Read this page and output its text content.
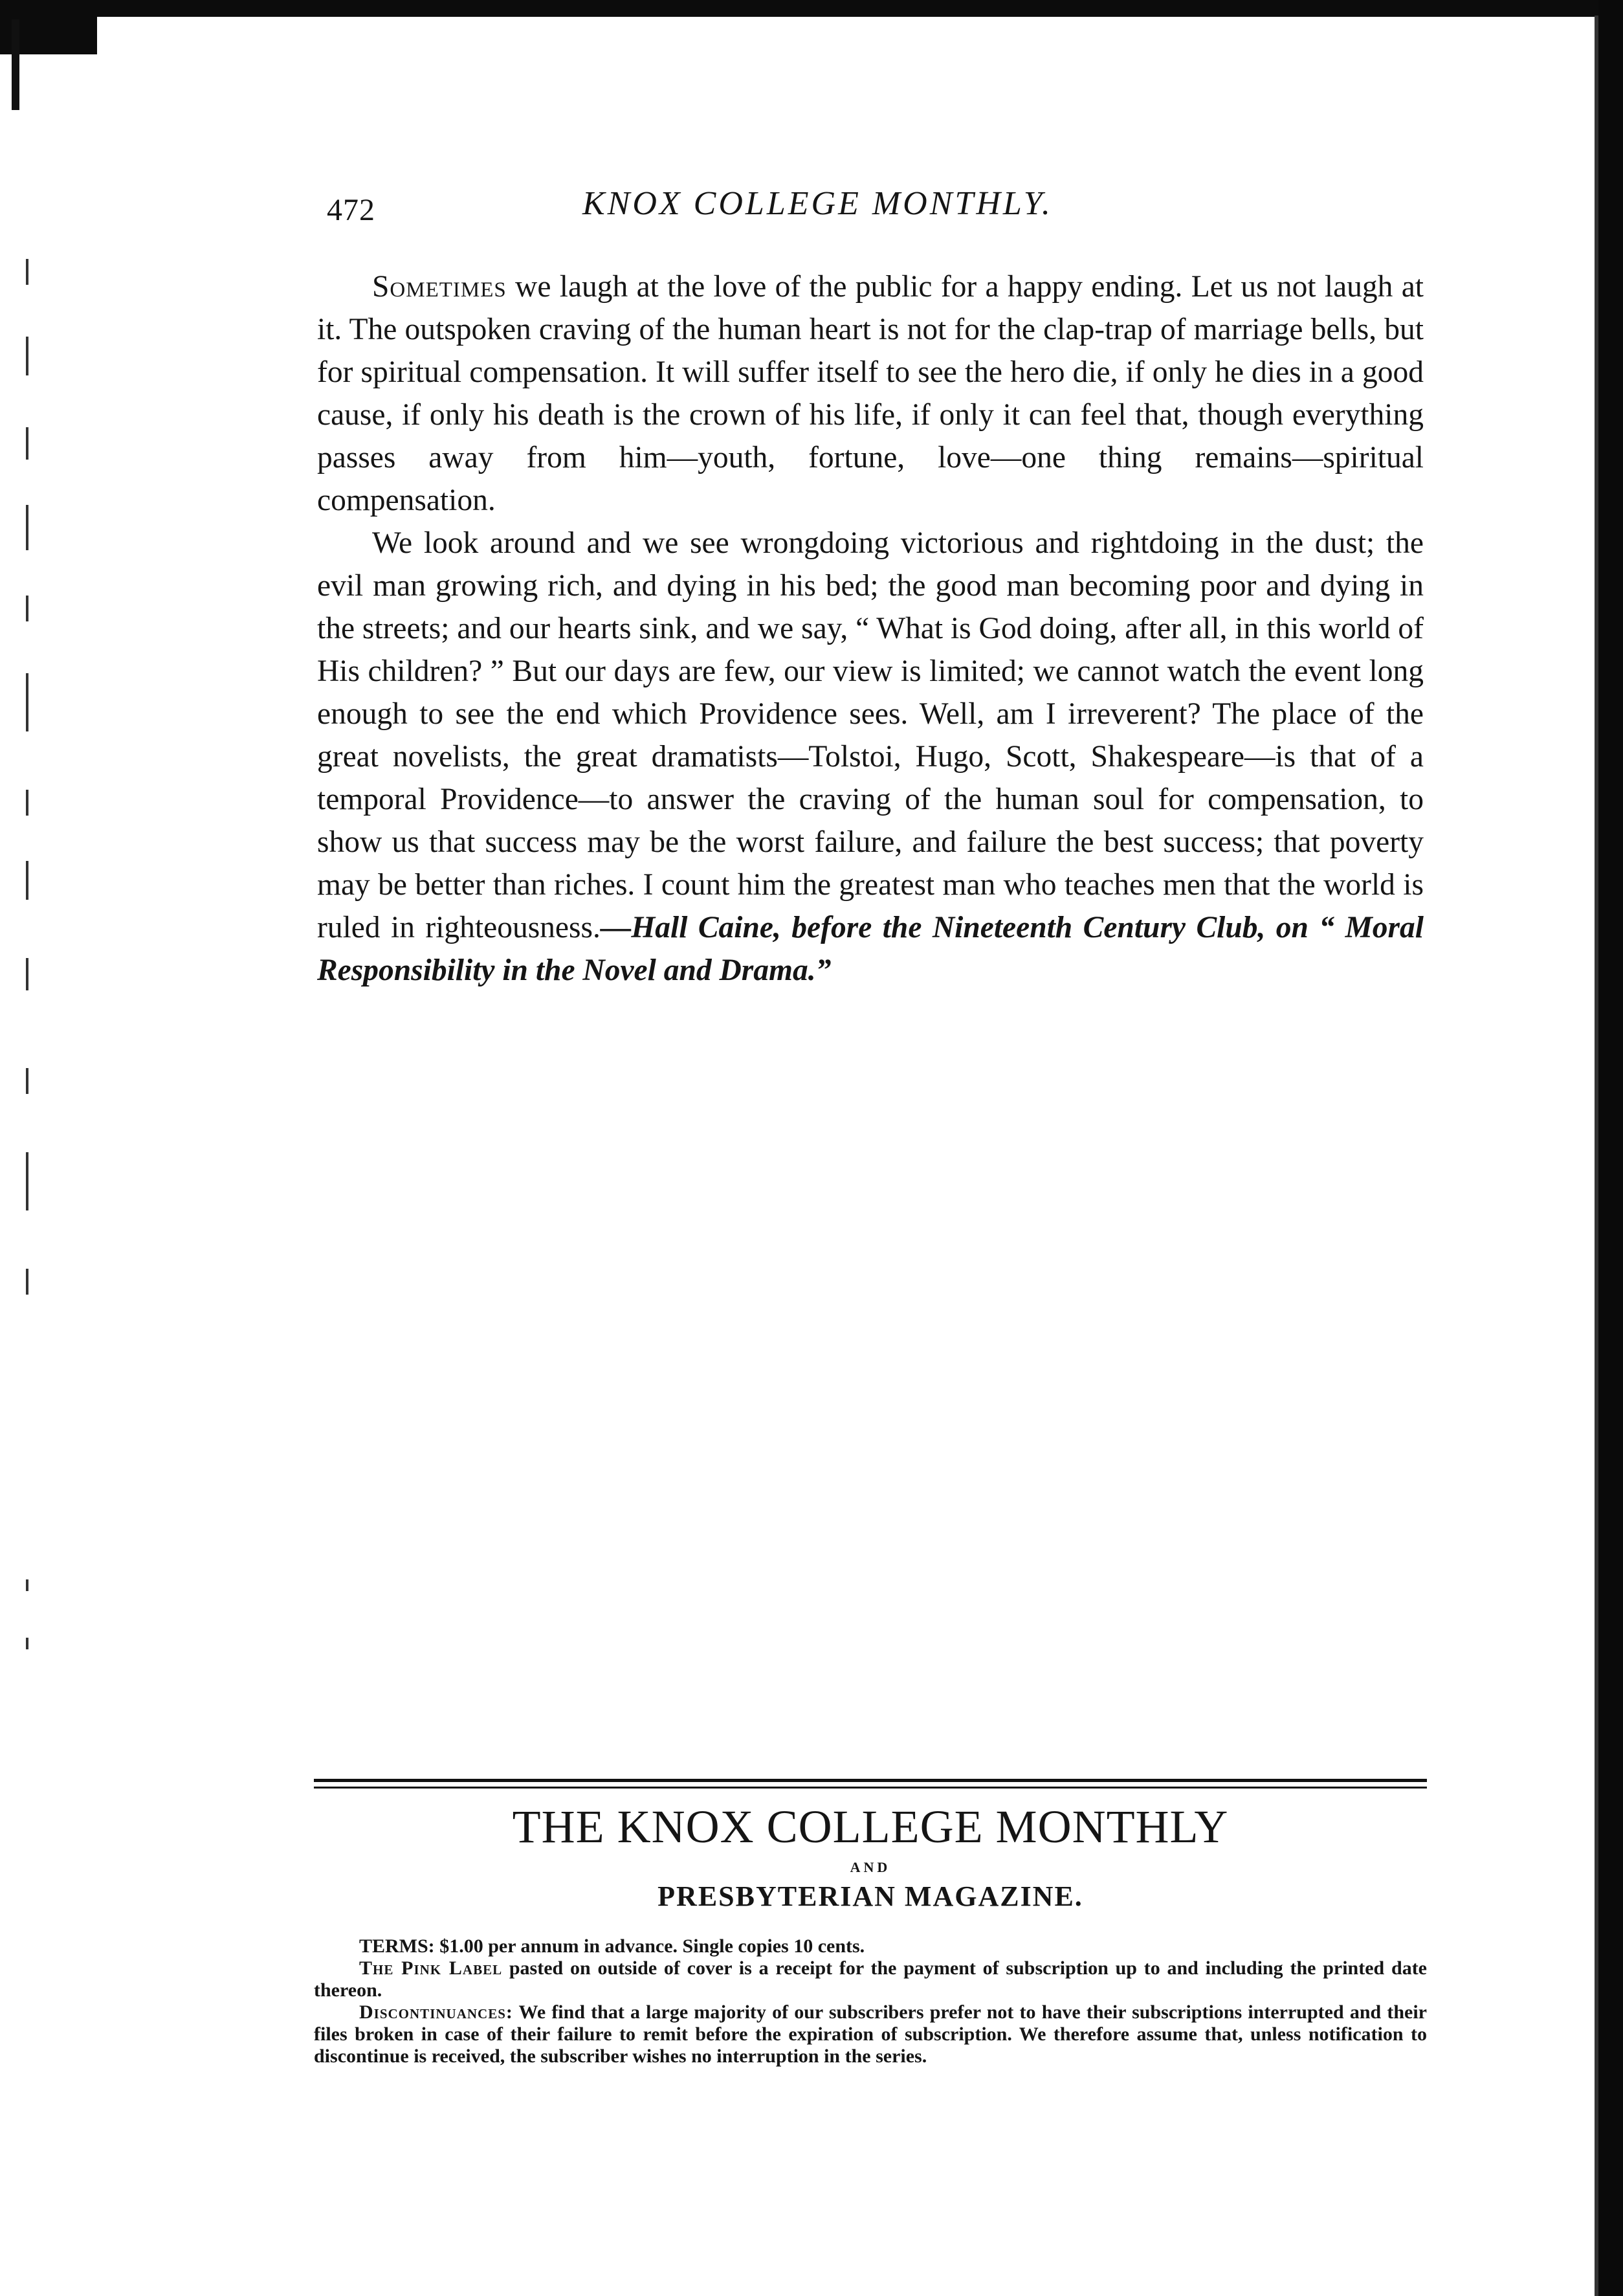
472	KNOX COLLEGE MONTHLY.

Sometimes we laugh at the love of the public for a happy ending. Let us not laugh at it. The outspoken craving of the human heart is not for the clap-trap of marriage bells, but for spiritual compensation. It will suffer itself to see the hero die, if only he dies in a good cause, if only his death is the crown of his life, if only it can feel that, though everything passes away from him—youth, fortune, love—one thing remains—spiritual compensation.

We look around and we see wrongdoing victorious and rightdoing in the dust; the evil man growing rich, and dying in his bed; the good man becoming poor and dying in the streets; and our hearts sink, and we say, “ What is God doing, after all, in this world of His children? ” But our days are few, our view is limited; we cannot watch the event long enough to see the end which Providence sees. Well, am I irreverent? The place of the great novelists, the great dramatists—Tolstoi, Hugo, Scott, Shakespeare—is that of a temporal Providence—to answer the craving of the human soul for compensation, to show us that success may be the worst failure, and failure the best success; that poverty may be better than riches. I count him the greatest man who teaches men that the world is ruled in righteousness.—Hall Caine, before the Nineteenth Century Club, on “ Moral Responsibility in the Novel and Drama.”

THE KNOX COLLEGE MONTHLY
AND
PRESBYTERIAN MAGAZINE.

TERMS: $1.00 per annum in advance. Single copies 10 cents.

The Pink Label pasted on outside of cover is a receipt for the payment of subscription up to and including the printed date thereon.

Discontinuances: We find that a large majority of our subscribers prefer not to have their subscriptions interrupted and their files broken in case of their failure to remit before the expiration of subscription. We therefore assume that, unless notification to discontinue is received, the subscriber wishes no interruption in the series.
